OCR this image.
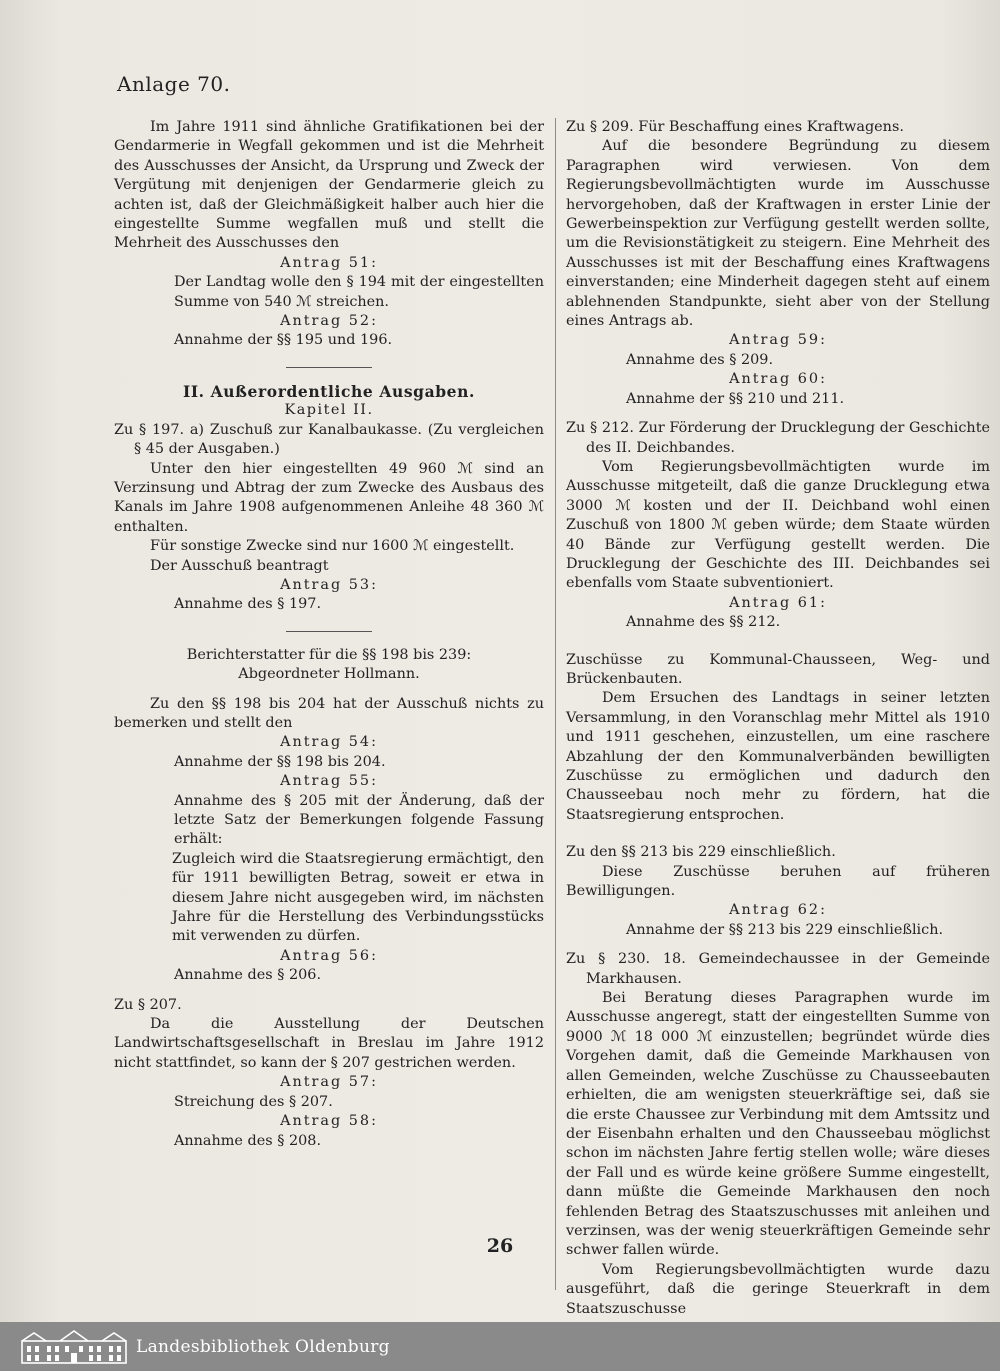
Anlage 70.

Im Jahre 1911 sind ähnliche Gratifikationen bei der Gendarmerie in Wegfall gekommen und ist die Mehrheit des Ausschusses der Ansicht, da Ursprung und Zweck der Vergütung mit denjenigen der Gendarmerie gleich zu achten ist, daß der Gleichmäßigkeit halber auch hier die eingestellte Summe wegfallen muß und stellt die Mehrheit des Ausschusses den

Antrag 51:

Der Landtag wolle den § 194 mit der eingestellten Summe von 540 ℳ streichen.

Antrag 52:

Annahme der §§ 195 und 196.

II. Außerordentliche Ausgaben.

Kapitel II.

Zu § 197. a) Zuschuß zur Kanalbaukasse. (Zu vergleichen § 45 der Ausgaben.)

Unter den hier eingestellten 49 960 ℳ sind an Verzinsung und Abtrag der zum Zwecke des Ausbaus des Kanals im Jahre 1908 aufgenommenen Anleihe 48 360 ℳ enthalten.

Für sonstige Zwecke sind nur 1600 ℳ eingestellt.

Der Ausschuß beantragt

Antrag 53:

Annahme des § 197.

Berichterstatter für die §§ 198 bis 239:

Abgeordneter Hollmann.

Zu den §§ 198 bis 204 hat der Ausschuß nichts zu bemerken und stellt den

Antrag 54:

Annahme der §§ 198 bis 204.

Antrag 55:

Annahme des § 205 mit der Änderung, daß der letzte Satz der Bemerkungen folgende Fassung erhält:

Zugleich wird die Staatsregierung ermächtigt, den für 1911 bewilligten Betrag, soweit er etwa in diesem Jahre nicht ausgegeben wird, im nächsten Jahre für die Herstellung des Verbindungsstücks mit verwenden zu dürfen.

Antrag 56:

Annahme des § 206.

Zu § 207.

Da die Ausstellung der Deutschen Landwirtschaftsgesellschaft in Breslau im Jahre 1912 nicht stattfindet, so kann der § 207 gestrichen werden.

Antrag 57:

Streichung des § 207.

Antrag 58:

Annahme des § 208.

Zu § 209. Für Beschaffung eines Kraftwagens.

Auf die besondere Begründung zu diesem Paragraphen wird verwiesen. Von dem Regierungsbevollmächtigten wurde im Ausschusse hervorgehoben, daß der Kraftwagen in erster Linie der Gewerbeinspektion zur Verfügung gestellt werden sollte, um die Revisionstätigkeit zu steigern. Eine Mehrheit des Ausschusses ist mit der Beschaffung eines Kraftwagens einverstanden; eine Minderheit dagegen steht auf einem ablehnenden Standpunkte, sieht aber von der Stellung eines Antrags ab.

Antrag 59:

Annahme des § 209.

Antrag 60:

Annahme der §§ 210 und 211.

Zu § 212. Zur Förderung der Drucklegung der Geschichte des II. Deichbandes.

Vom Regierungsbevollmächtigten wurde im Ausschusse mitgeteilt, daß die ganze Drucklegung etwa 3000 ℳ kosten und der II. Deichband wohl einen Zuschuß von 1800 ℳ geben würde; dem Staate würden 40 Bände zur Verfügung gestellt werden. Die Drucklegung der Geschichte des III. Deichbandes sei ebenfalls vom Staate subventioniert.

Antrag 61:

Annahme des §§ 212.

Zuschüsse zu Kommunal-Chausseen, Weg- und Brückenbauten.

Dem Ersuchen des Landtags in seiner letzten Versammlung, in den Voranschlag mehr Mittel als 1910 und 1911 geschehen, einzustellen, um eine raschere Abzahlung der den Kommunalverbänden bewilligten Zuschüsse zu ermöglichen und dadurch den Chausseebau noch mehr zu fördern, hat die Staatsregierung entsprochen.

Zu den §§ 213 bis 229 einschließlich.

Diese Zuschüsse beruhen auf früheren Bewilligungen.

Antrag 62:

Annahme der §§ 213 bis 229 einschließlich.

Zu § 230. 18. Gemeindechaussee in der Gemeinde Markhausen.

Bei Beratung dieses Paragraphen wurde im Ausschusse angeregt, statt der eingestellten Summe von 9000 ℳ 18 000 ℳ einzustellen; begründet würde dies Vorgehen damit, daß die Gemeinde Markhausen von allen Gemeinden, welche Zuschüsse zu Chausseebauten erhielten, die am wenigsten steuerkräftige sei, daß sie die erste Chaussee zur Verbindung mit dem Amtssitz und der Eisenbahn erhalten und den Chausseebau möglichst schon im nächsten Jahre fertig stellen wolle; wäre dieses der Fall und es würde keine größere Summe eingestellt, dann müßte die Gemeinde Markhausen den noch fehlenden Betrag des Staatszuschusses mit anleihen und verzinsen, was der wenig steuerkräftigen Gemeinde sehr schwer fallen würde.

Vom Regierungsbevollmächtigten wurde dazu ausgeführt, daß die geringe Steuerkraft in dem Staatszuschusse

26
Landesbibliothek Oldenburg
